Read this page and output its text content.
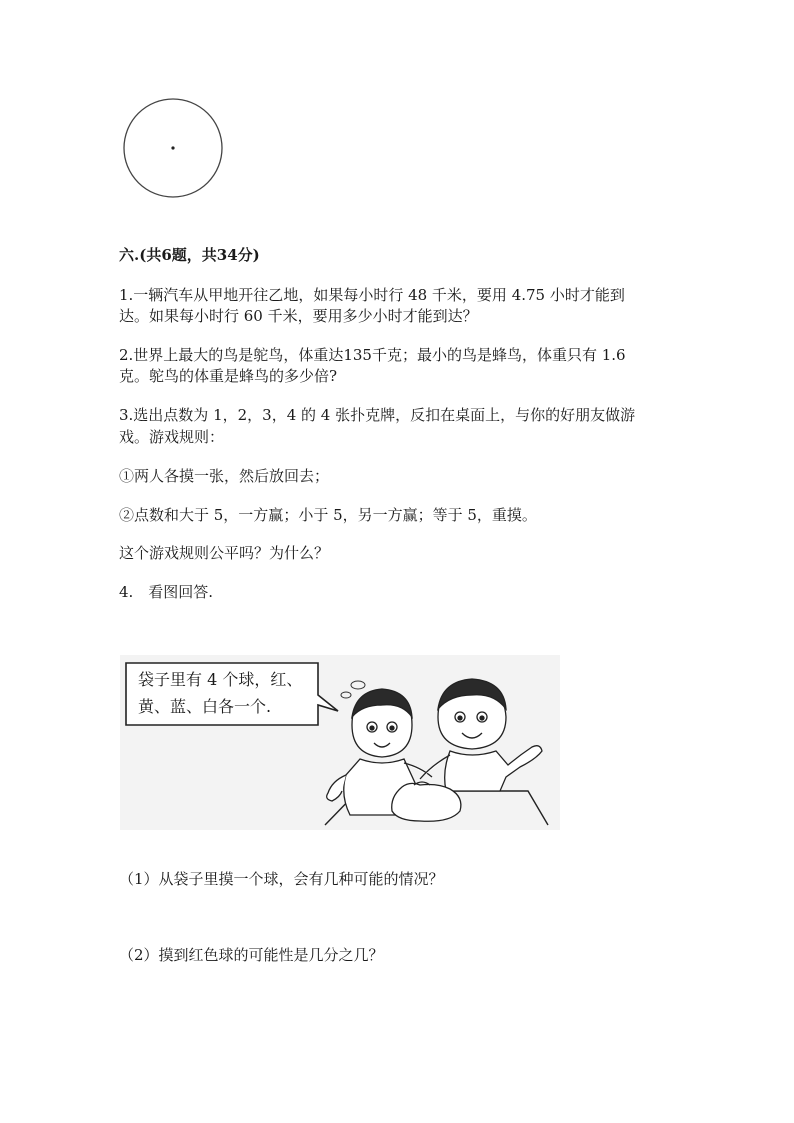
六.(共6题，共34分)
1.一辆汽车从甲地开往乙地，如果每小时行 48 千米，要用 4.75 小时才能到
达。如果每小时行 60 千米，要用多少小时才能到达？
2.世界上最大的鸟是鸵鸟，体重达135千克；最小的鸟是蜂鸟，体重只有 1.6
克。鸵鸟的体重是蜂鸟的多少倍?
3.选出点数为 1，2，3，4 的 4 张扑克牌，反扣在桌面上，与你的好朋友做游
戏。游戏规则：
①两人各摸一张，然后放回去；
②点数和大于 5，一方赢；小于 5，另一方赢；等于 5，重摸。
这个游戏规则公平吗？为什么？
4.　看图回答.
袋子里有 4 个球，红、
黄、蓝、白各一个.
（1）从袋子里摸一个球，会有几种可能的情况？
（2）摸到红色球的可能性是几分之几？
